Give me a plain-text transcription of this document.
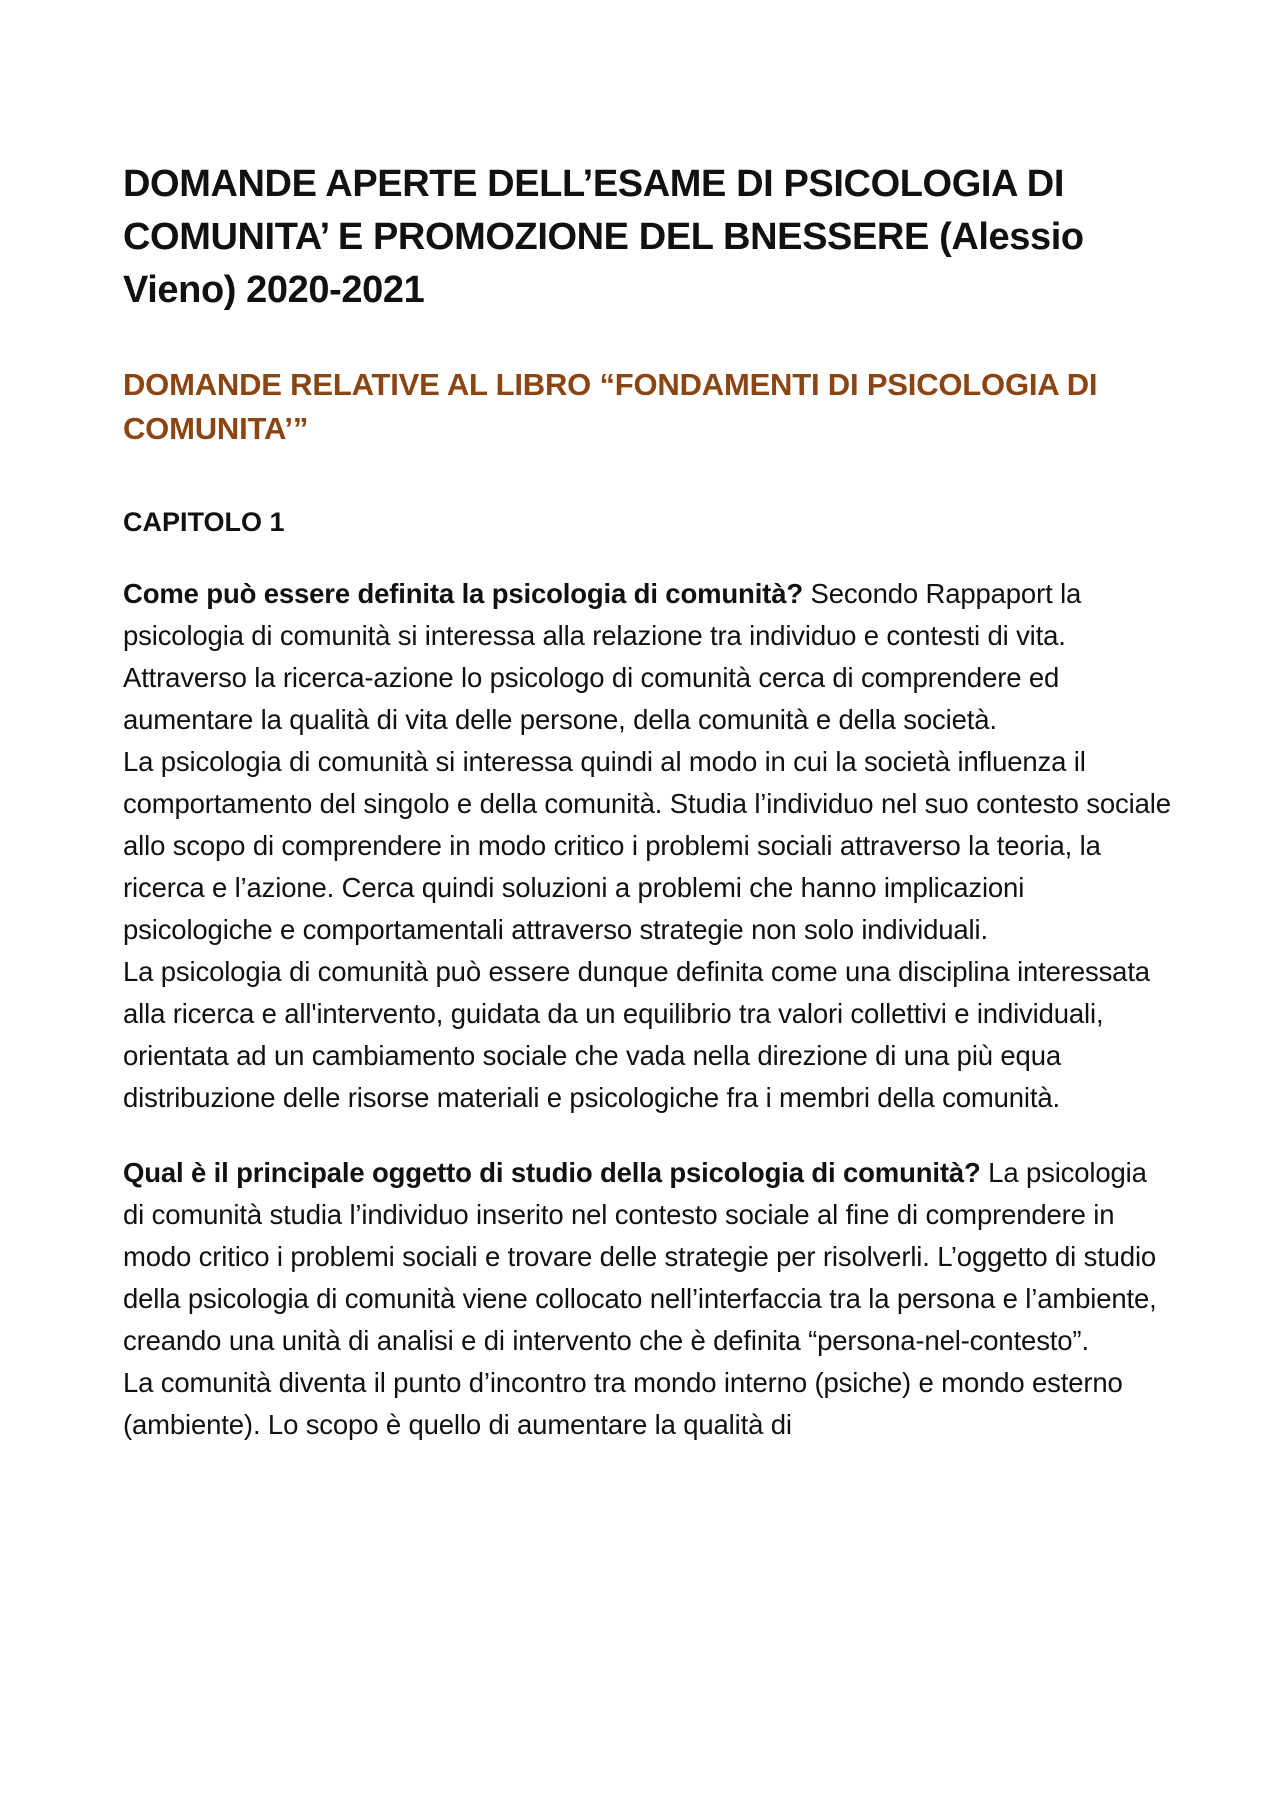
DOMANDE APERTE DELL’ESAME DI PSICOLOGIA DI COMUNITA’ E PROMOZIONE DEL BNESSERE (Alessio Vieno) 2020-2021
DOMANDE RELATIVE AL LIBRO “FONDAMENTI DI PSICOLOGIA DI COMUNITA’”
CAPITOLO 1

Come può essere definita la psicologia di comunità? Secondo Rappaport la psicologia di comunità si interessa alla relazione tra individuo e contesti di vita. Attraverso la ricerca-azione lo psicologo di comunità cerca di comprendere ed aumentare la qualità di vita delle persone, della comunità e della società.

La psicologia di comunità si interessa quindi al modo in cui la società influenza il comportamento del singolo e della comunità. Studia l’individuo nel suo contesto sociale allo scopo di comprendere in modo critico i problemi sociali attraverso la teoria, la ricerca e l’azione. Cerca quindi soluzioni a problemi che hanno implicazioni psicologiche e comportamentali attraverso strategie non solo individuali.

La psicologia di comunità può essere dunque definita come una disciplina interessata alla ricerca e all'intervento, guidata da un equilibrio tra valori collettivi e individuali, orientata ad un cambiamento sociale che vada nella direzione di una più equa distribuzione delle risorse materiali e psicologiche fra i membri della comunità.

Qual è il principale oggetto di studio della psicologia di comunità? La psicologia di comunità studia l’individuo inserito nel contesto sociale al fine di comprendere in modo critico i problemi sociali e trovare delle strategie per risolverli. L’oggetto di studio della psicologia di comunità viene collocato nell’interfaccia tra la persona e l’ambiente, creando una unità di analisi e di intervento che è definita “persona-nel-contesto”.

La comunità diventa il punto d’incontro tra mondo interno (psiche) e mondo esterno (ambiente). Lo scopo è quello di aumentare la qualità di
